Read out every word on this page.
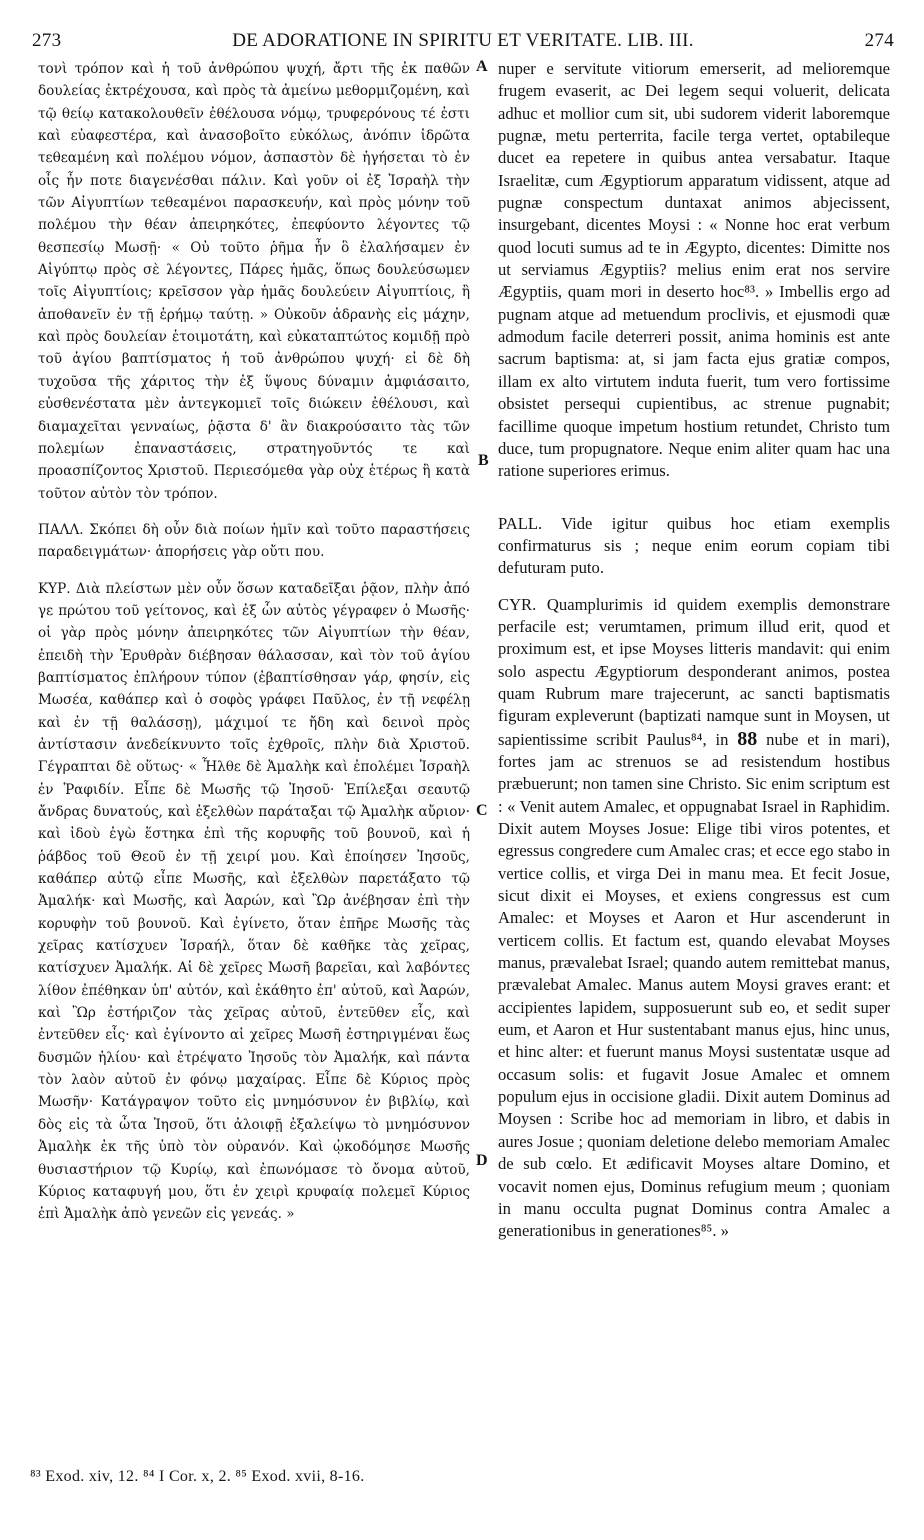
273	DE ADORATIONE IN SPIRITU ET VERITATE. LIB. III.	274

τονὶ τρόπον καὶ ἡ τοῦ ἀνθρώπου ψυχή, ἄρτι τῆς ἐκ παθῶν δουλείας ἐκτρέχουσα, καὶ πρὸς τὰ ἀμείνω μεθορμιζομένη, καὶ τῷ θείῳ κατακολουθεῖν ἐθέλουσα νόμῳ, τρυφερόνους τέ ἐστι καὶ εὐαφεστέρα, καὶ ἀνασοβοῖτο εὐκόλως, ἀνόπιν ἱδρῶτα τεθεαμένη καὶ πολέμου νόμον, ἀσπαστὸν δὲ ἡγήσεται τὸ ἐν οἷς ἦν ποτε διαγενέσθαι πάλιν. Καὶ γοῦν οἱ ἐξ Ἰσραὴλ τὴν τῶν Αἰγυπτίων τεθεαμένοι παρασκευήν, καὶ πρὸς μόνην τοῦ πολέμου τὴν θέαν ἀπειρηκότες, ἐπεφύοντο λέγοντες τῷ θεσπεσίῳ Μωσῇ· « Οὐ τοῦτο ῥῆμα ἦν ὃ ἐλαλήσαμεν ἐν Αἰγύπτῳ πρὸς σὲ λέγοντες, Πάρες ἡμᾶς, ὅπως δουλεύσωμεν τοῖς Αἰγυπτίοις; κρεῖσσον γὰρ ἡμᾶς δουλεύειν Αἰγυπτίοις, ἢ ἀποθανεῖν ἐν τῇ ἐρήμῳ ταύτῃ. » Οὐκοῦν ἀδρανὴς εἰς μάχην, καὶ πρὸς δουλείαν ἑτοιμοτάτη, καὶ εὐκαταπτώτος κομιδῇ πρὸ τοῦ ἁγίου βαπτίσματος ἡ τοῦ ἀνθρώπου ψυχή· εἰ δὲ δὴ τυχοῦσα τῆς χάριτος τὴν ἐξ ὕψους δύναμιν ἀμφιάσαιτο, εὐσθενέστατα μὲν ἀντεγκομιεῖ τοῖς διώκειν ἐθέλουσι, καὶ διαμαχεῖται γενναίως, ῥᾷστα δ' ἂν διακρούσαιτο τὰς τῶν πολεμίων ἐπαναστάσεις, στρατηγοῦντός τε καὶ προασπίζοντος Χριστοῦ. Περιεσόμεθα γὰρ οὐχ ἑτέρως ἢ κατὰ τοῦτον αὐτὸν τὸν τρόπον.

ΠΑΛΛ. Σκόπει δὴ οὖν διὰ ποίων ἡμῖν καὶ τοῦτο παραστήσεις παραδειγμάτων· ἀπορήσεις γὰρ οὔτι που.

ΚΥΡ. Διὰ πλείστων μὲν οὖν ὅσων καταδεῖξαι ῥᾷον, πλὴν ἀπό γε πρώτου τοῦ γείτονος, καὶ ἐξ ὧν αὐτὸς γέγραφεν ὁ Μωσῆς· οἱ γὰρ πρὸς μόνην ἀπειρηκότες τῶν Αἰγυπτίων τὴν θέαν, ἐπειδὴ τὴν Ἐρυθρὰν διέβησαν θάλασσαν, καὶ τὸν τοῦ ἁγίου βαπτίσματος ἐπλήρουν τύπον (ἐβαπτίσθησαν γάρ, φησίν, εἰς Μωσέα, καθάπερ καὶ ὁ σοφὸς γράφει Παῦλος, ἐν τῇ νεφέλῃ καὶ ἐν τῇ θαλάσσῃ), μάχιμοί τε ἤδη καὶ δεινοὶ πρὸς ἀντίστασιν ἀνεδείκνυντο τοῖς ἐχθροῖς, πλὴν διὰ Χριστοῦ. Γέγραπται δὲ οὕτως· « Ἦλθε δὲ Ἀμαλὴκ καὶ ἐπολέμει Ἰσραὴλ ἐν Ῥαφιδίν. Εἶπε δὲ Μωσῆς τῷ Ἰησοῦ· Ἐπίλεξαι σεαυτῷ ἄνδρας δυνατούς, καὶ ἐξελθὼν παράταξαι τῷ Ἀμαλὴκ αὔριον· καὶ ἰδοὺ ἐγὼ ἕστηκα ἐπὶ τῆς κορυφῆς τοῦ βουνοῦ, καὶ ἡ ῥάβδος τοῦ Θεοῦ ἐν τῇ χειρί μου. Καὶ ἐποίησεν Ἰησοῦς, καθάπερ αὐτῷ εἶπε Μωσῆς, καὶ ἐξελθὼν παρετάξατο τῷ Ἀμαλήκ· καὶ Μωσῆς, καὶ Ἀαρών, καὶ Ὢρ ἀνέβησαν ἐπὶ τὴν κορυφὴν τοῦ βουνοῦ. Καὶ ἐγίνετο, ὅταν ἐπῆρε Μωσῆς τὰς χεῖρας κατίσχυεν Ἰσραήλ, ὅταν δὲ καθῆκε τὰς χεῖρας, κατίσχυεν Ἀμαλήκ. Αἱ δὲ χεῖρες Μωσῆ βαρεῖαι, καὶ λαβόντες λίθον ἐπέθηκαν ὑπ' αὐτόν, καὶ ἐκάθητο ἐπ' αὐτοῦ, καὶ Ἀαρών, καὶ Ὢρ ἐστήριζον τὰς χεῖρας αὐτοῦ, ἐντεῦθεν εἷς, καὶ ἐντεῦθεν εἷς· καὶ ἐγίνοντο αἱ χεῖρες Μωσῆ ἐστηριγμέναι ἕως δυσμῶν ἡλίου· καὶ ἐτρέψατο Ἰησοῦς τὸν Ἀμαλήκ, καὶ πάντα τὸν λαὸν αὐτοῦ ἐν φόνῳ μαχαίρας. Εἶπε δὲ Κύριος πρὸς Μωσῆν· Κατάγραψον τοῦτο εἰς μνημόσυνον ἐν βιβλίῳ, καὶ δὸς εἰς τὰ ὦτα Ἰησοῦ, ὅτι ἀλοιφῇ ἐξαλείψω τὸ μνημόσυνον Ἀμαλὴκ ἐκ τῆς ὑπὸ τὸν οὐρανόν. Καὶ ᾠκοδόμησε Μωσῆς θυσιαστήριον τῷ Κυρίῳ, καὶ ἐπωνόμασε τὸ ὄνομα αὐτοῦ, Κύριος καταφυγή μου, ὅτι ἐν χειρὶ κρυφαίᾳ πολεμεῖ Κύριος ἐπὶ Ἀμαλὴκ ἀπὸ γενεῶν εἰς γενεάς. »

A
B
C
D

nuper e servitute vitiorum emerserit, ad melioremque frugem evaserit, ac Dei legem sequi voluerit, delicata adhuc et mollior cum sit, ubi sudorem viderit laboremque pugnæ, metu perterrita, facile terga vertet, optabileque ducet ea repetere in quibus antea versabatur. Itaque Israelitæ, cum Ægyptiorum apparatum vidissent, atque ad pugnæ conspectum duntaxat animos abjecissent, insurgebant, dicentes Moysi : « Nonne hoc erat verbum quod locuti sumus ad te in Ægypto, dicentes: Dimitte nos ut serviamus Ægyptiis? melius enim erat nos servire Ægyptiis, quam mori in deserto hoc⁸³. » Imbellis ergo ad pugnam atque ad metuendum proclivis, et ejusmodi quæ admodum facile deterreri possit, anima hominis est ante sacrum baptisma: at, si jam facta ejus gratiæ compos, illam ex alto virtutem induta fuerit, tum vero fortissime obsistet persequi cupientibus, ac strenue pugnabit; facillime quoque impetum hostium retundet, Christo tum duce, tum propugnatore. Neque enim aliter quam hac una ratione superiores erimus.

PALL. Vide igitur quibus hoc etiam exemplis confirmaturus sis ; neque enim eorum copiam tibi defuturam puto.

CYR. Quamplurimis id quidem exemplis demonstrare perfacile est; verumtamen, primum illud erit, quod et proximum est, et ipse Moyses litteris mandavit: qui enim solo aspectu Ægyptiorum desponderant animos, postea quam Rubrum mare trajecerunt, ac sancti baptismatis figuram expleverunt (baptizati namque sunt in Moysen, ut sapientissime scribit Paulus⁸⁴, in 88 nube et in mari), fortes jam ac strenuos se ad resistendum hostibus præbuerunt; non tamen sine Christo. Sic enim scriptum est : « Venit autem Amalec, et oppugnabat Israel in Raphidim. Dixit autem Moyses Josue: Elige tibi viros potentes, et egressus congredere cum Amalec cras; et ecce ego stabo in vertice collis, et virga Dei in manu mea. Et fecit Josue, sicut dixit ei Moyses, et exiens congressus est cum Amalec: et Moyses et Aaron et Hur ascenderunt in verticem collis. Et factum est, quando elevabat Moyses manus, prævalebat Israel; quando autem remittebat manus, prævalebat Amalec. Manus autem Moysi graves erant: et accipientes lapidem, supposuerunt sub eo, et sedit super eum, et Aaron et Hur sustentabant manus ejus, hinc unus, et hinc alter: et fuerunt manus Moysi sustentatæ usque ad occasum solis: et fugavit Josue Amalec et omnem populum ejus in occisione gladii. Dixit autem Dominus ad Moysen : Scribe hoc ad memoriam in libro, et dabis in aures Josue ; quoniam deletione delebo memoriam Amalec de sub cœlo. Et ædificavit Moyses altare Domino, et vocavit nomen ejus, Dominus refugium meum ; quoniam in manu occulta pugnat Dominus contra Amalec a generationibus in generationes⁸⁵. »

⁸³ Exod. xiv, 12. ⁸⁴ I Cor. x, 2. ⁸⁵ Exod. xvii, 8-16.
